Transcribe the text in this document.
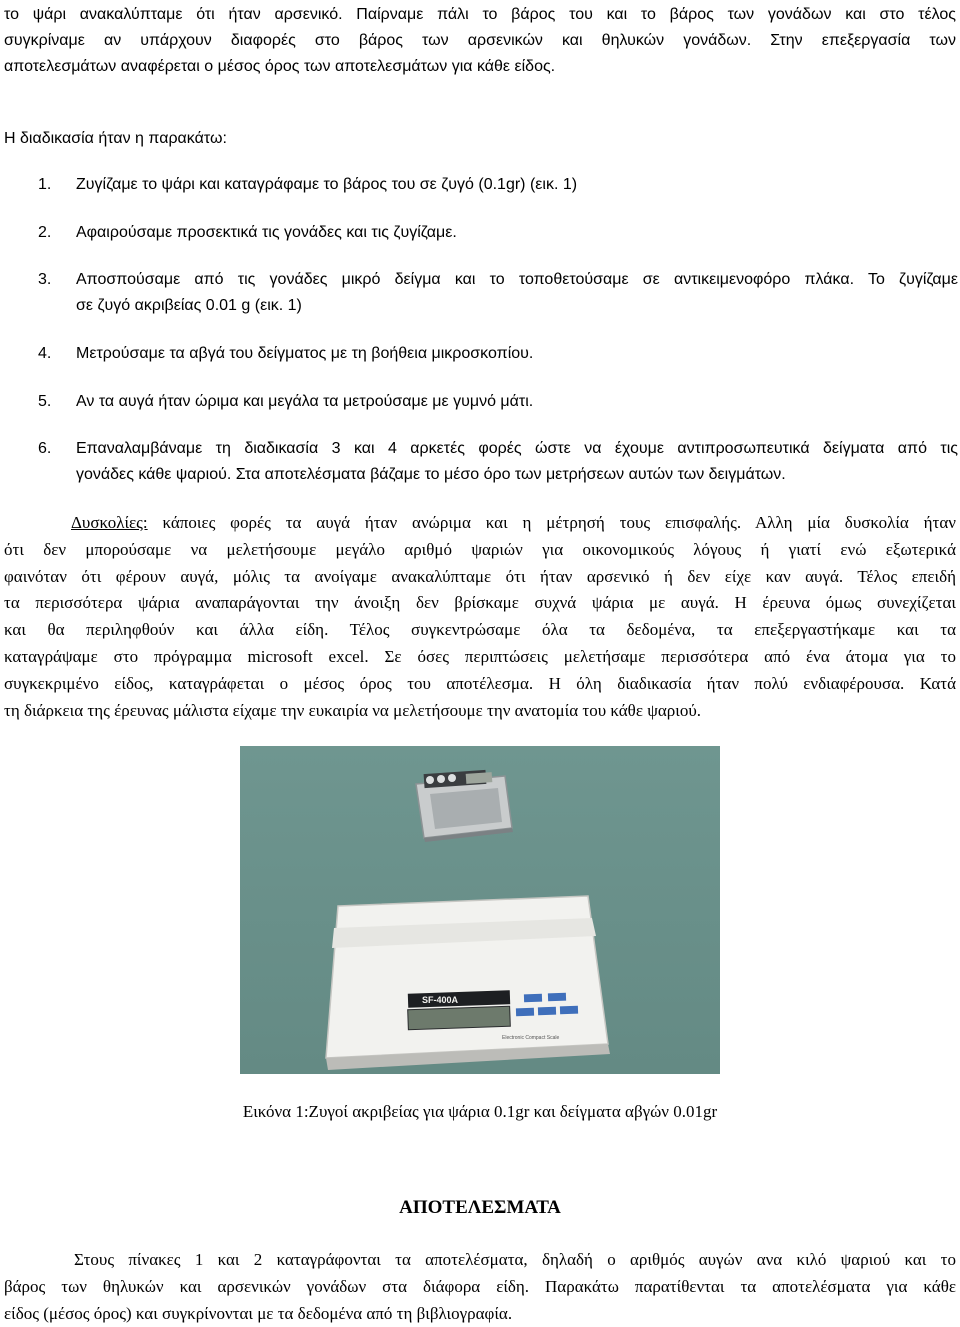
το ψάρι ανακαλύπταμε ότι ήταν αρσενικό. Παίρναμε πάλι το βάρος του και το βάρος των γονάδων και στο τέλος
συγκρίναμε αν υπάρχουν διαφορές στο βάρος των αρσενικών και θηλυκών γονάδων. Στην επεξεργασία των
αποτελεσμάτων αναφέρεται ο μέσος όρος των αποτελεσμάτων για κάθε είδος.
Η διαδικασία ήταν η παρακάτω:
1.	Ζυγίζαμε το ψάρι και καταγράφαμε το βάρος του σε ζυγό (0.1gr) (εικ. 1)
2.	Αφαιρούσαμε προσεκτικά τις γονάδες και τις ζυγίζαμε.
3.	Αποσπούσαμε από τις γονάδες μικρό δείγμα και το τοποθετούσαμε σε αντικειμενοφόρο πλάκα. Το ζυγίζαμε
σε ζυγό ακριβείας 0.01 g (εικ. 1)
4.	Μετρούσαμε τα αβγά του δείγματος με τη βοήθεια μικροσκοπίου.
5.	Αν τα αυγά ήταν ώριμα και μεγάλα τα μετρούσαμε με γυμνό μάτι.
6.	Επαναλαμβάναμε τη διαδικασία 3 και 4 αρκετές φορές ώστε να έχουμε αντιπροσωπευτικά δείγματα από τις
γονάδες κάθε ψαριού. Στα αποτελέσματα βάζαμε το μέσο όρο των μετρήσεων αυτών των δειγμάτων.
Δυσκολίες: κάποιες φορές τα αυγά ήταν ανώριμα και η μέτρησή τους επισφαλής. Αλλη μία δυσκολία ήταν
ότι δεν μπορούσαμε να μελετήσουμε μεγάλο αριθμό ψαριών για οικονομικούς λόγους ή γιατί ενώ εξωτερικά
φαινόταν ότι φέρουν αυγά, μόλις τα ανοίγαμε ανακαλύπταμε ότι ήταν αρσενικό ή δεν είχε καν αυγά. Τέλος επειδή
τα περισσότερα ψάρια αναπαράγονται την άνοιξη δεν βρίσκαμε συχνά ψάρια με αυγά. Η έρευνα όμως συνεχίζεται
και θα περιληφθούν και άλλα είδη. Τέλος συγκεντρώσαμε όλα τα δεδομένα, τα επεξεργαστήκαμε και τα
καταγράψαμε στο πρόγραμμα microsoft excel. Σε όσες περιπτώσεις μελετήσαμε περισσότερα από ένα άτομα για το
συγκεκριμένο είδος, καταγράφεται ο μέσος όρος του αποτέλεσμα. Η όλη διαδικασία ήταν πολύ ενδιαφέρουσα. Κατά
τη διάρκεια της έρευνας μάλιστα είχαμε την ευκαιρία να μελετήσουμε την ανατομία του κάθε ψαριού.
SF-400A
Electronic Compact Scale
Εικόνα 1:Ζυγοί ακριβείας για ψάρια 0.1gr και δείγματα αβγών 0.01gr
ΑΠΟΤΕΛΕΣΜΑΤΑ
Στους πίνακες 1 και 2 καταγράφονται τα αποτελέσματα, δηλαδή ο αριθμός αυγών ανα κιλό ψαριού και το
βάρος των θηλυκών και αρσενικών γονάδων στα διάφορα είδη. Παρακάτω παρατίθενται τα αποτελέσματα για κάθε
είδος (μέσος όρος) και συγκρίνονται με τα δεδομένα από τη βιβλιογραφία.
